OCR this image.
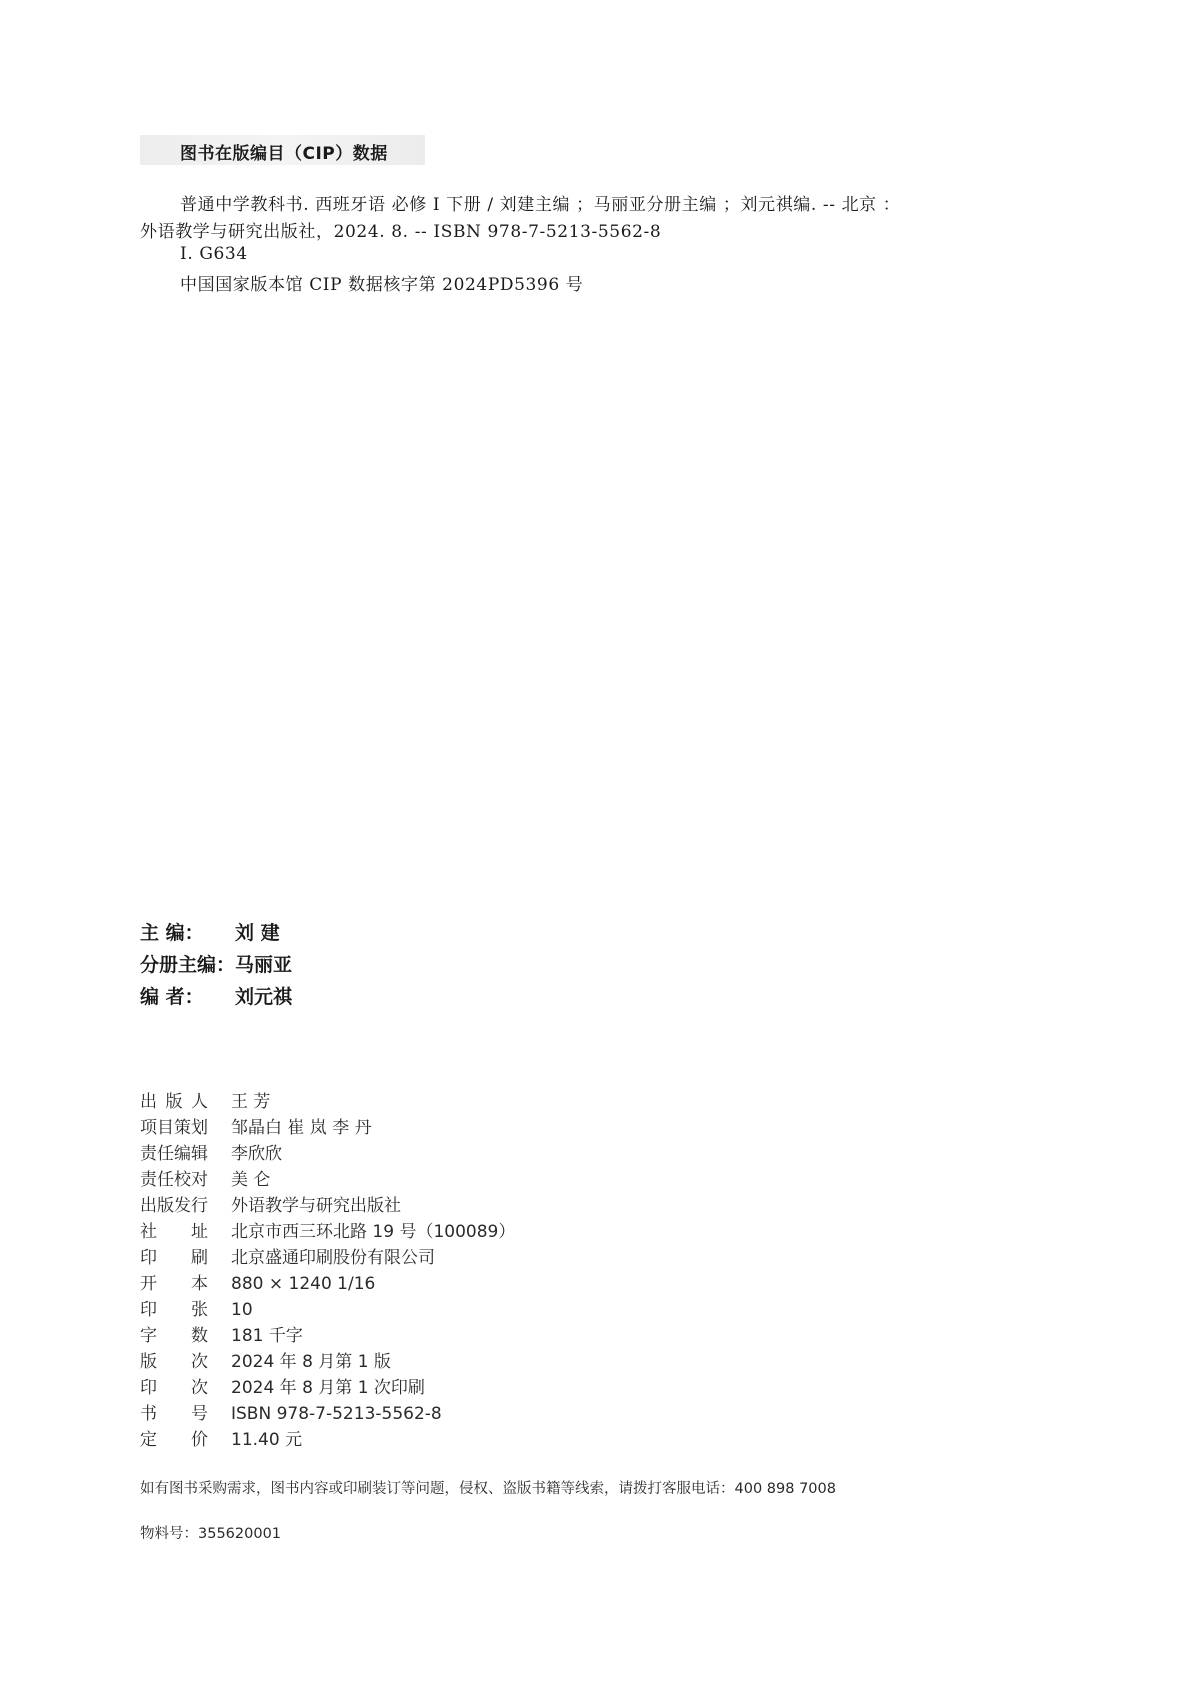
图书在版编目（CIP）数据
普通中学教科书. 西班牙语 必修 I 下册 / 刘建主编 ；马丽亚分册主编 ；刘元祺编. -- 北京 ：
外语教学与研究出版社，2024. 8. -- ISBN 978-7-5213-5562-8
I. G634
中国国家版本馆 CIP 数据核字第 2024PD5396 号
主 编： 刘 建
分册主编：马丽亚
编 者： 刘元祺
出版人 王 芳
项目策划 邹晶白 崔 岚 李 丹
责任编辑 李欣欣
责任校对 美 仑
出版发行 外语教学与研究出版社
社址 北京市西三环北路 19 号（100089）
印刷 北京盛通印刷股份有限公司
开本 880 × 1240 1/16
印张 10
字数 181 千字
版次 2024 年 8 月第 1 版
印次 2024 年 8 月第 1 次印刷
书号 ISBN 978-7-5213-5562-8
定价 11.40 元
如有图书采购需求，图书内容或印刷装订等问题，侵权、盗版书籍等线索，请拨打客服电话：400 898 7008
物料号：355620001
